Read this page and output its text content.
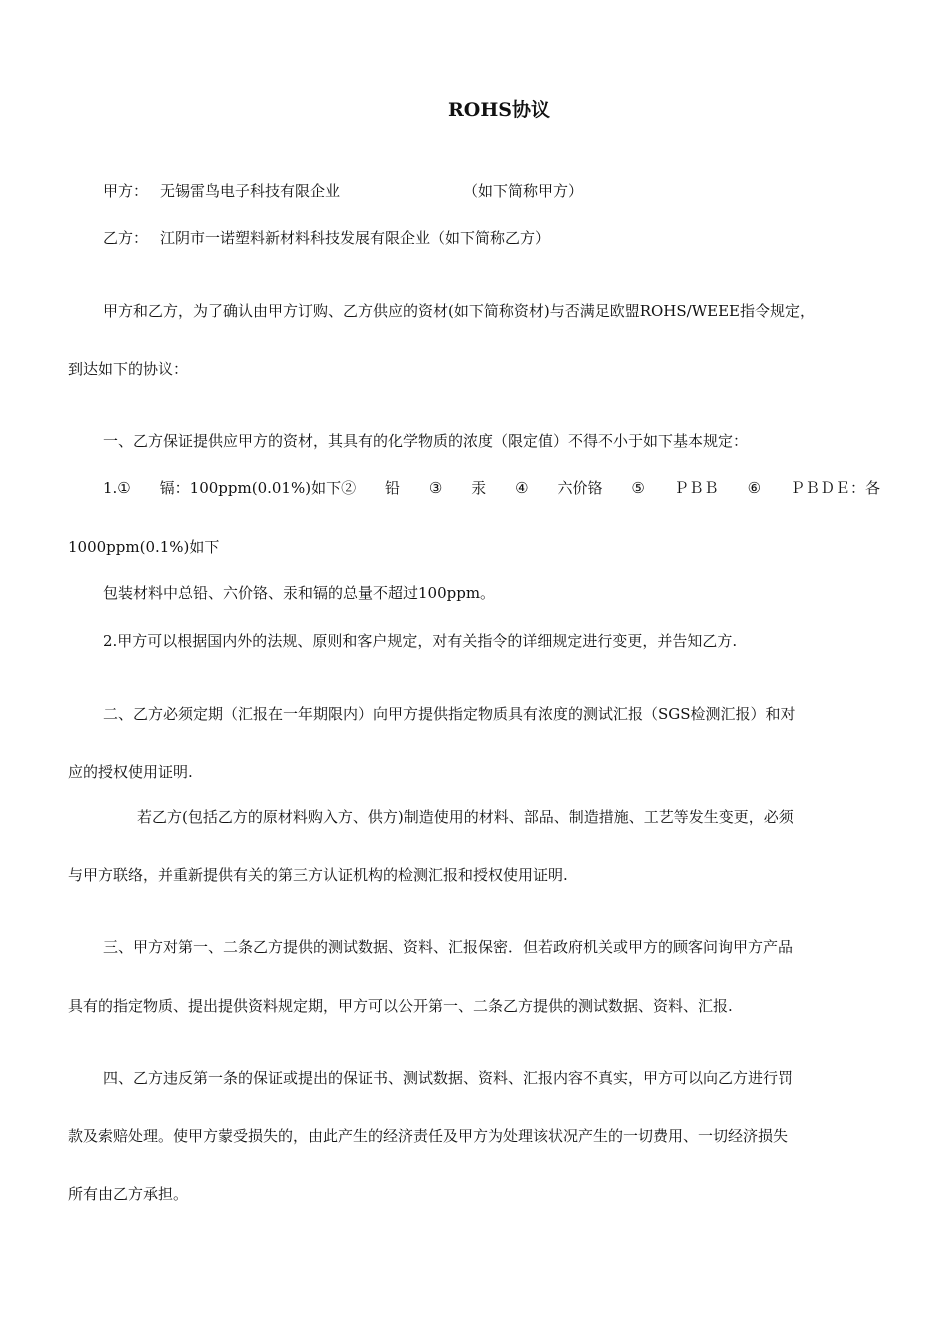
ROHS协议
甲方： 无锡雷鸟电子科技有限企业	（如下简称甲方）
乙方： 江阴市一诺塑料新材料科技发展有限企业（如下简称乙方）
甲方和乙方，为了确认由甲方订购、乙方供应的资材(如下简称资材)与否满足欧盟ROHS/WEEE指令规定，
到达如下的协议：
一、乙方保证提供应甲方的资材，其具有的化学物质的浓度（限定值）不得不小于如下基本规定：
1.① 镉：100ppm(0.01%)如下② 铅 ③ 汞 ④ 六价铬 ⑤ ＰＢＢ ⑥ ＰＢＤＥ：各
1000ppm(0.1%)如下
包装材料中总铅、六价铬、汞和镉的总量不超过100ppm。
2.甲方可以根据国内外的法规、原则和客户规定，对有关指令的详细规定进行变更，并告知乙方.
二、乙方必须定期（汇报在一年期限内）向甲方提供指定物质具有浓度的测试汇报（SGS检测汇报）和对
应的授权使用证明.
若乙方(包括乙方的原材料购入方、供方)制造使用的材料、部品、制造措施、工艺等发生变更，必须
与甲方联络，并重新提供有关的第三方认证机构的检测汇报和授权使用证明.
三、甲方对第一、二条乙方提供的测试数据、资料、汇报保密．但若政府机关或甲方的顾客问询甲方产品
具有的指定物质、提出提供资料规定期，甲方可以公开第一、二条乙方提供的测试数据、资料、汇报.
四、乙方违反第一条的保证或提出的保证书、测试数据、资料、汇报内容不真实，甲方可以向乙方进行罚
款及索赔处理。使甲方蒙受损失的，由此产生的经济责任及甲方为处理该状况产生的一切费用、一切经济损失
所有由乙方承担。
